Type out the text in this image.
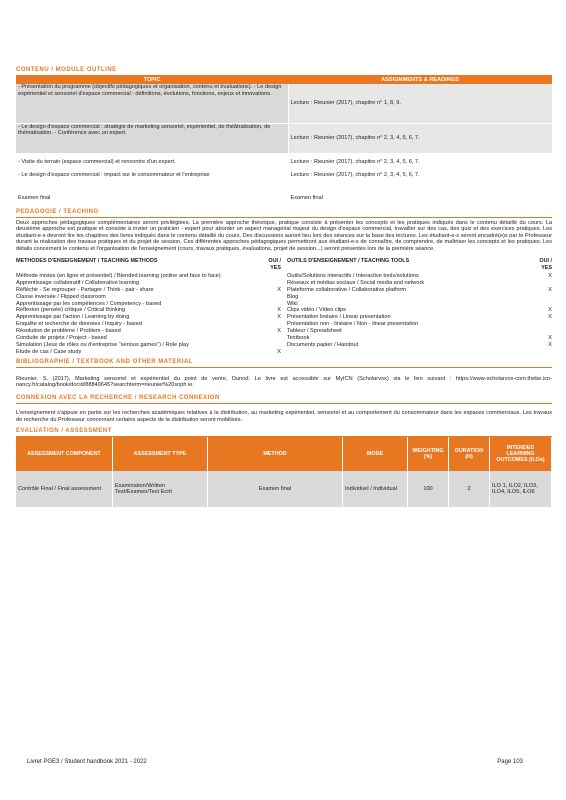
CONTENU / MODULE OUTLINE
TOPIC	ASSIGNMENTS & READINGS
- Présentation du programme (objectifs pédagogiques et organisation, contenu et évaluations). - Le design expérientiel et sensoriel d'espace commercial : définitions, évolutions, fonctions, enjeux et innovations.	Lecture : Rieunier (2017), chapitre n° 1, 8, 9.
- Le design d'espace commercial : stratégie de marketing sensoriel, expérientiel, de théâtralisation, de thématisation. - Conférence avec un expert.	Lecture : Rieunier (2017), chapitre n° 2, 3, 4, 5, 6, 7.
- Visite du terrain (espace commercial) et rencontre d'un expert.	Lecture : Rieunier (2017), chapitre n° 2, 3, 4, 5, 6, 7.
- Le design d'espace commercial : impact sur le consommateur et l'entreprise	Lecture : Rieunier (2017), chapitre n° 2, 3, 4, 5, 6, 7.
Examen final	Examen final
PEDAGOGIE / TEACHING
Deux approches pédagogiques complémentaires seront privilégiées. La première approche théorique, pratique consiste à présenter les concepts et les pratiques indiqués dans le contenu détaillé du cours. La deuxième approche est pratique et consiste à inviter un praticien - expert pour aborder un aspect managérial majeur du design d'espace commercial, travailler sur des cas, des quiz et des exercices pratiques. Les étudiant-e-s devront lire les chapitres des livres indiqués dans le contenu détaillé du cours. Des discussions auront lieu lors des séances sur la base des lectures. Les étudiant-e-s seront encadré(e)s par le Professeur durant la réalisation des travaux pratiques et du projet de session. Ces différentes approches pédagogiques permettront aux étudiant-e-s de connaître, de comprendre, de maîtriser les concepts et les pratiques. Les détails concernant le contenu et l'organisation de l'enseignement (cours, travaux pratiques, évaluations, projet de session...) seront présentés lors de la première séance.
METHODES D'ENSEIGNEMENT / TEACHING METHODS	OUI / YES
Méthode mixtes (en ligne et présentiel) / Blended learning (online and face to face)
Apprentissage collaboratif / Collaborative learning
Réfléchir - Se regrouper - Partager / Think - pair - share	X
Classe inversée / Flipped classroom
Apprentissage par les compétences / Competency - based
Réflexion (pensée) critique / Critical thinking	X
Apprentissage par l'action / Learning by doing	X
Enquête et recherche de données / Inquiry - based
Résolution de problème / Problem - based	X
Conduite de projets / Project - based
Simulation (Jeux de rôles ou d'entreprise "serious games") / Role play
Etude de cas / Case study	X
OUTILS D'ENSEIGNEMENT / TEACHING TOOLS	OUI / YES
Outils/Solutions interactifs / Interactive tools/solutions	X
Réseaux et médias sociaux / Social media and network
Plateforme collaborative / Collaborative platform	X
Blog
Wiki
Clips vidéo / Video clips	X
Présentation linéaire / Linear presentation	X
Présentation non - linéaire / Non - linear presentation
Tableur / Spreadsheet
Textbook	X
Documents papier / Handout	X
BIBLIOGRAPHIE / TEXTBOOK AND OTHER MATERIAL
Rieunier, S. (2017), Marketing sensoriel et expérientiel du point de vente, Dunod. Le livre est accessible sur MyICN (Scholarvox) via le lien suivant : https://www-scholarvox-com.thebe.icn-nancy.fr/catalog/book/docid/88849645?searchterm=rieunier%20soph ie.
CONNEXION AVEC LA RECHERCHE / RESEARCH CONNEXION
L'enseignement s'appuie en partie sur les recherches académiques relatives à la distribution, au marketing expérientiel, sensoriel et au comportement du consommateur dans les espaces commerciaux. Les travaux de recherche du Professeur concernant certains aspects de la distribution seront mobilisés.
EVALUATION / ASSESSMENT
ASSESSMENT COMPONENT	ASSESSMENT TYPE	METHOD	MODE	WEIGHTING (%)	DURATION (H)	INTENDED LEARNING OUTCOMES (ILOs)
Contrôle Final / Final assessment	Examination/Written Test/Examen/Test Ecrit	Examen final	Individuel / Individual	100	2	ILO 1, ILO2, ILO3, ILO4, ILO5, ILO6
Livret PGE3 / Student handbook 2021 - 2022	Page 103
